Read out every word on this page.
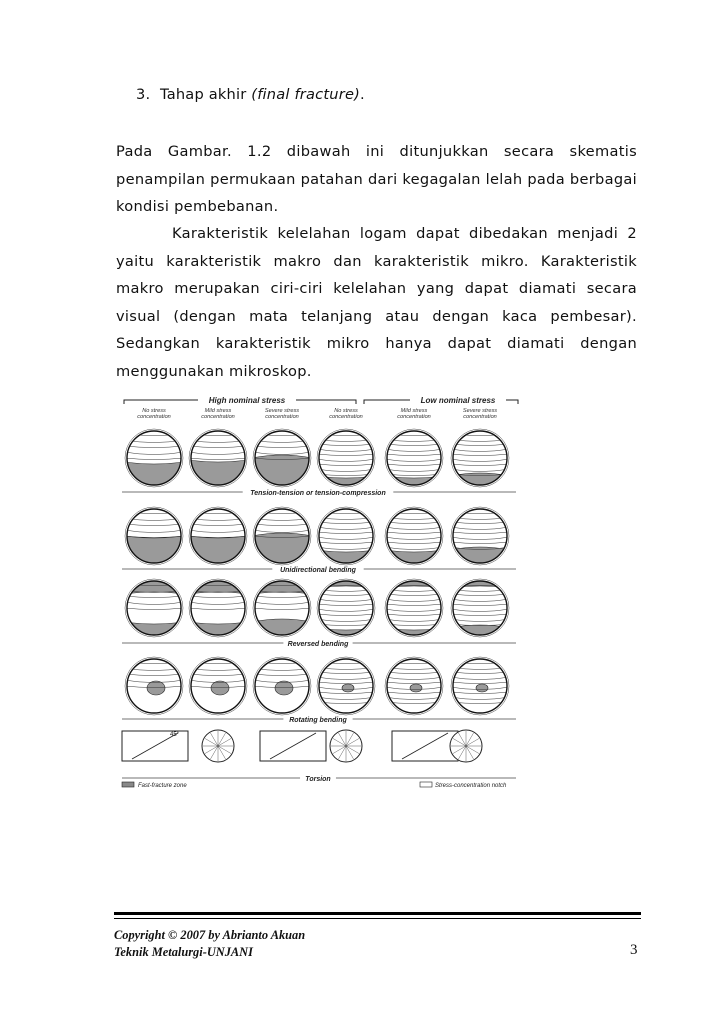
3. Tahap akhir (final fracture).
Pada Gambar. 1.2 dibawah ini ditunjukkan secara skematis penampilan permukaan patahan dari kegagalan lelah pada berbagai kondisi pembebanan.
Karakteristik kelelahan logam dapat dibedakan menjadi 2 yaitu karakteristik makro dan karakteristik mikro. Karakteristik makro merupakan ciri-ciri kelelahan yang dapat diamati secara visual (dengan mata telanjang atau dengan kaca pembesar). Sedangkan karakteristik mikro hanya dapat diamati dengan menggunakan mikroskop.
High nominal stress	Low nominal stress
No stress concentration
Mild stress concentration
Severe stress concentration
No stress concentration
Mild stress concentration
Severe stress concentration
Tension-tension or tension-compression
Unidirectional bending
Reversed bending
Rotating bending
Torsion
45°
Fast-fracture zone	Stress-concentration notch
Copyright © 2007 by Abrianto Akuan
Teknik Metalurgi-UNJANI	3
